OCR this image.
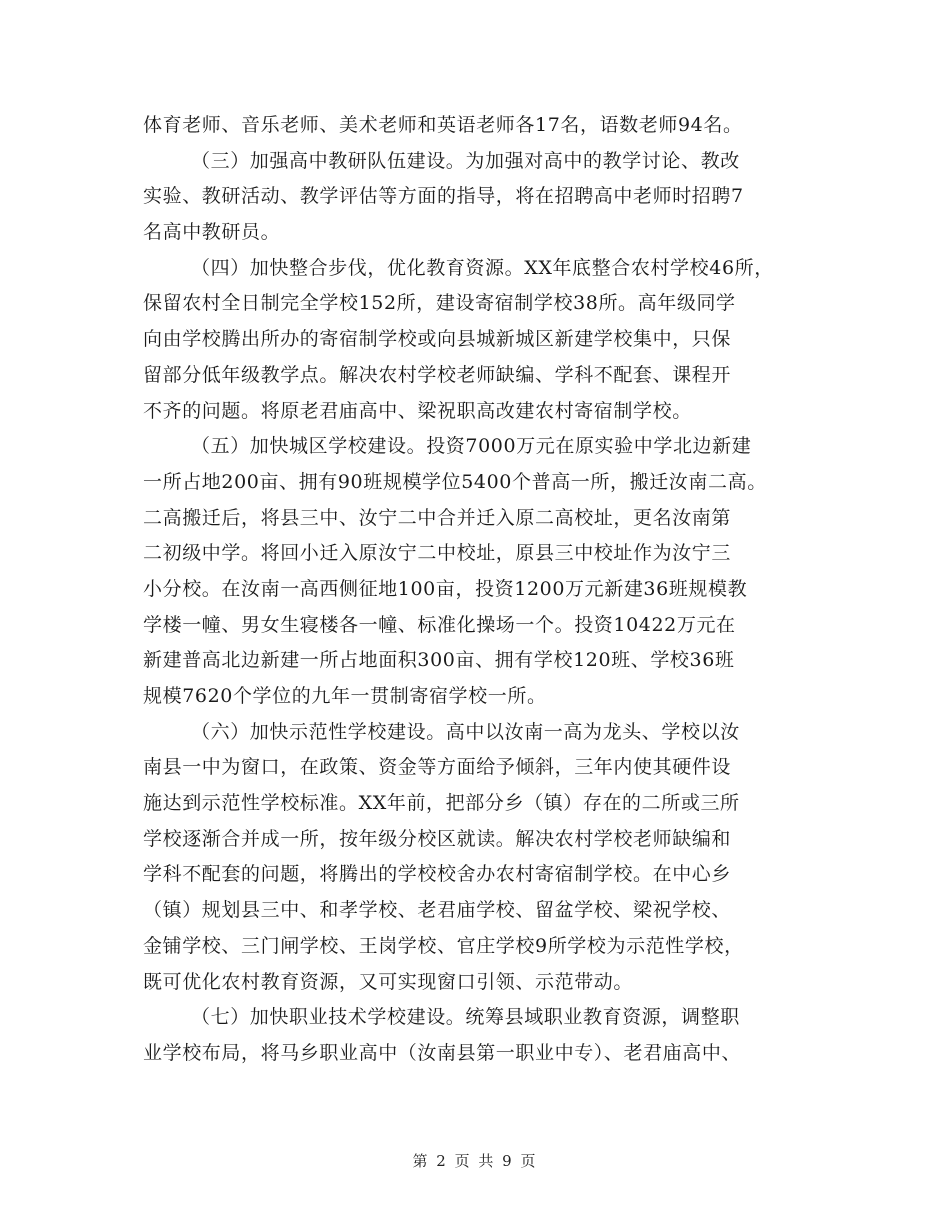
体育老师、音乐老师、美术老师和英语老师各17名，语数老师94名。
（三）加强高中教研队伍建设。为加强对高中的教学讨论、教改
实验、教研活动、教学评估等方面的指导，将在招聘高中老师时招聘7
名高中教研员。
（四）加快整合步伐，优化教育资源。XX年底整合农村学校46所，
保留农村全日制完全学校152所，建设寄宿制学校38所。高年级同学
向由学校腾出所办的寄宿制学校或向县城新城区新建学校集中，只保
留部分低年级教学点。解决农村学校老师缺编、学科不配套、课程开
不齐的问题。将原老君庙高中、梁祝职高改建农村寄宿制学校。
（五）加快城区学校建设。投资7000万元在原实验中学北边新建
一所占地200亩、拥有90班规模学位5400个普高一所，搬迁汝南二高。
二高搬迁后，将县三中、汝宁二中合并迁入原二高校址，更名汝南第
二初级中学。将回小迁入原汝宁二中校址，原县三中校址作为汝宁三
小分校。在汝南一高西侧征地100亩，投资1200万元新建36班规模教
学楼一幢、男女生寝楼各一幢、标准化操场一个。投资10422万元在
新建普高北边新建一所占地面积300亩、拥有学校120班、学校36班
规模7620个学位的九年一贯制寄宿学校一所。
（六）加快示范性学校建设。高中以汝南一高为龙头、学校以汝
南县一中为窗口，在政策、资金等方面给予倾斜，三年内使其硬件设
施达到示范性学校标准。XX年前，把部分乡（镇）存在的二所或三所
学校逐渐合并成一所，按年级分校区就读。解决农村学校老师缺编和
学科不配套的问题，将腾出的学校校舍办农村寄宿制学校。在中心乡
（镇）规划县三中、和孝学校、老君庙学校、留盆学校、梁祝学校、
金铺学校、三门闸学校、王岗学校、官庄学校9所学校为示范性学校，
既可优化农村教育资源，又可实现窗口引领、示范带动。
（七）加快职业技术学校建设。统筹县域职业教育资源，调整职
业学校布局，将马乡职业高中（汝南县第一职业中专）、老君庙高中、
第 2 页 共 9 页
